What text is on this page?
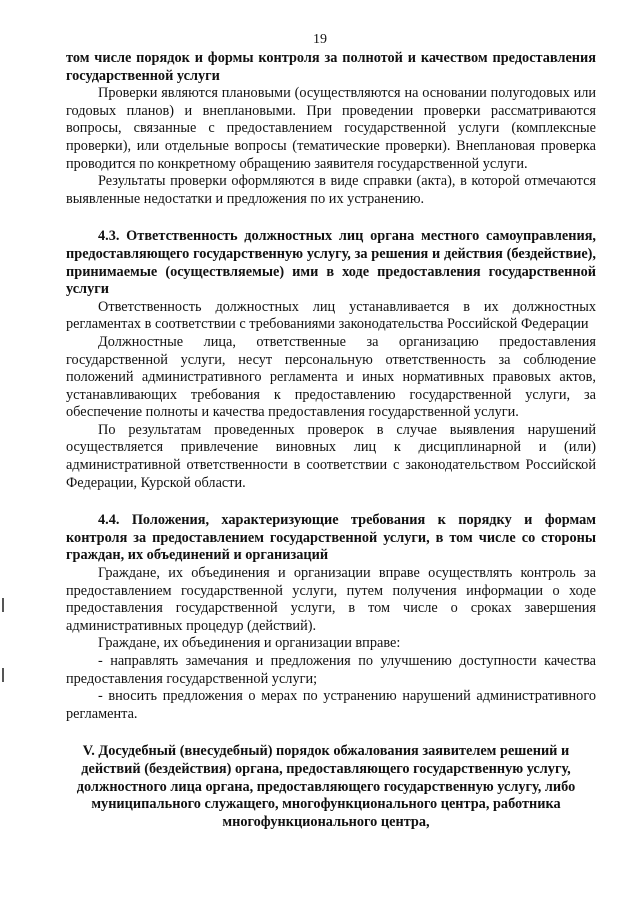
19

том числе порядок и формы контроля за полнотой и качеством предоставления государственной услуги

Проверки являются плановыми (осуществляются на основании полугодовых или годовых планов) и внеплановыми. При проведении проверки рассматриваются вопросы, связанные с предоставлением государственной услуги (комплексные проверки), или отдельные вопросы (тематические проверки). Внеплановая проверка проводится по конкретному обращению заявителя государственной услуги.

Результаты проверки оформляются в виде справки (акта), в которой отмечаются выявленные недостатки и предложения по их устранению.

4.3. Ответственность должностных лиц органа местного самоуправления, предоставляющего государственную услугу, за решения и действия (бездействие), принимаемые (осуществляемые) ими в ходе предоставления государственной услуги

Ответственность должностных лиц устанавливается в их должностных регламентах в соответствии с требованиями законодательства Российской Федерации

Должностные лица, ответственные за организацию предоставления государственной услуги, несут персональную ответственность за соблюдение положений административного регламента и иных нормативных правовых актов, устанавливающих требования к предоставлению государственной услуги, за обеспечение полноты и качества предоставления государственной услуги.

По результатам проведенных проверок в случае выявления нарушений осуществляется привлечение виновных лиц к дисциплинарной и (или) административной ответственности в соответствии с законодательством Российской Федерации, Курской области.

4.4. Положения, характеризующие требования к порядку и формам контроля за предоставлением государственной услуги, в том числе со стороны граждан, их объединений и организаций

Граждане, их объединения и организации вправе осуществлять контроль за предоставлением государственной услуги, путем получения информации о ходе предоставления государственной услуги, в том числе о сроках завершения административных процедур (действий).

Граждане, их объединения и организации вправе:

- направлять замечания и предложения по улучшению доступности качества предоставления государственной услуги;

- вносить предложения о мерах по устранению нарушений административного регламента.

V. Досудебный (внесудебный) порядок обжалования заявителем решений и действий (бездействия) органа, предоставляющего государственную услугу, должностного лица органа, предоставляющего государственную услугу, либо муниципального служащего, многофункционального центра, работника многофункционального центра,
